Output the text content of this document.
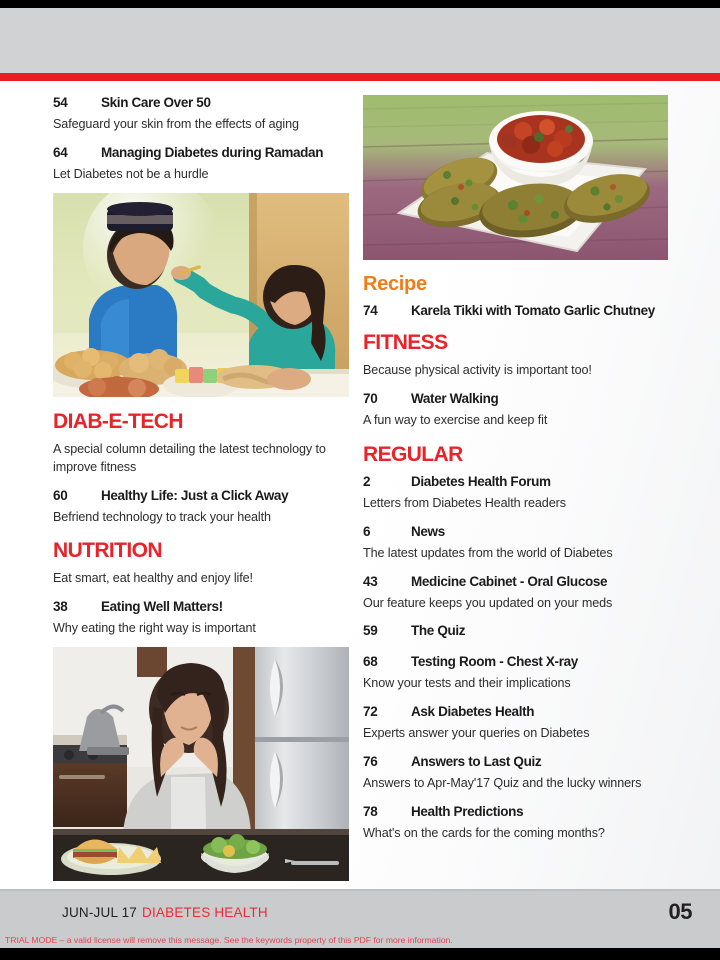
54	Skin Care Over 50
Safeguard your skin from the effects of aging
64	Managing Diabetes during Ramadan
Let Diabetes not be a hurdle
DIAB-E-TECH
A special column detailing the latest technology to improve fitness
60	Healthy Life: Just a Click Away
Befriend technology to track your health
NUTRITION
Eat smart, eat healthy and enjoy life!
38	Eating Well Matters!
Why eating the right way is important
Recipe
74	Karela Tikki with Tomato Garlic Chutney
FITNESS
Because physical activity is important too!
70	Water Walking
A fun way to exercise and keep fit
REGULAR
2	Diabetes Health Forum
Letters from Diabetes Health readers
6	News
The latest updates from the world of Diabetes
43	Medicine Cabinet - Oral Glucose
Our feature keeps you updated on your meds
59	The Quiz
68	Testing Room - Chest X-ray
Know your tests and their implications
72	Ask Diabetes Health
Experts answer your queries on Diabetes
76	Answers to Last Quiz
Answers to Apr-May'17 Quiz and the lucky winners
78	Health Predictions
What's on the cards for the coming months?
JUN-JUL 17 DIABETES HEALTH	05
TRIAL MODE – a valid license will remove this message. See the keywords property of this PDF for more information.
